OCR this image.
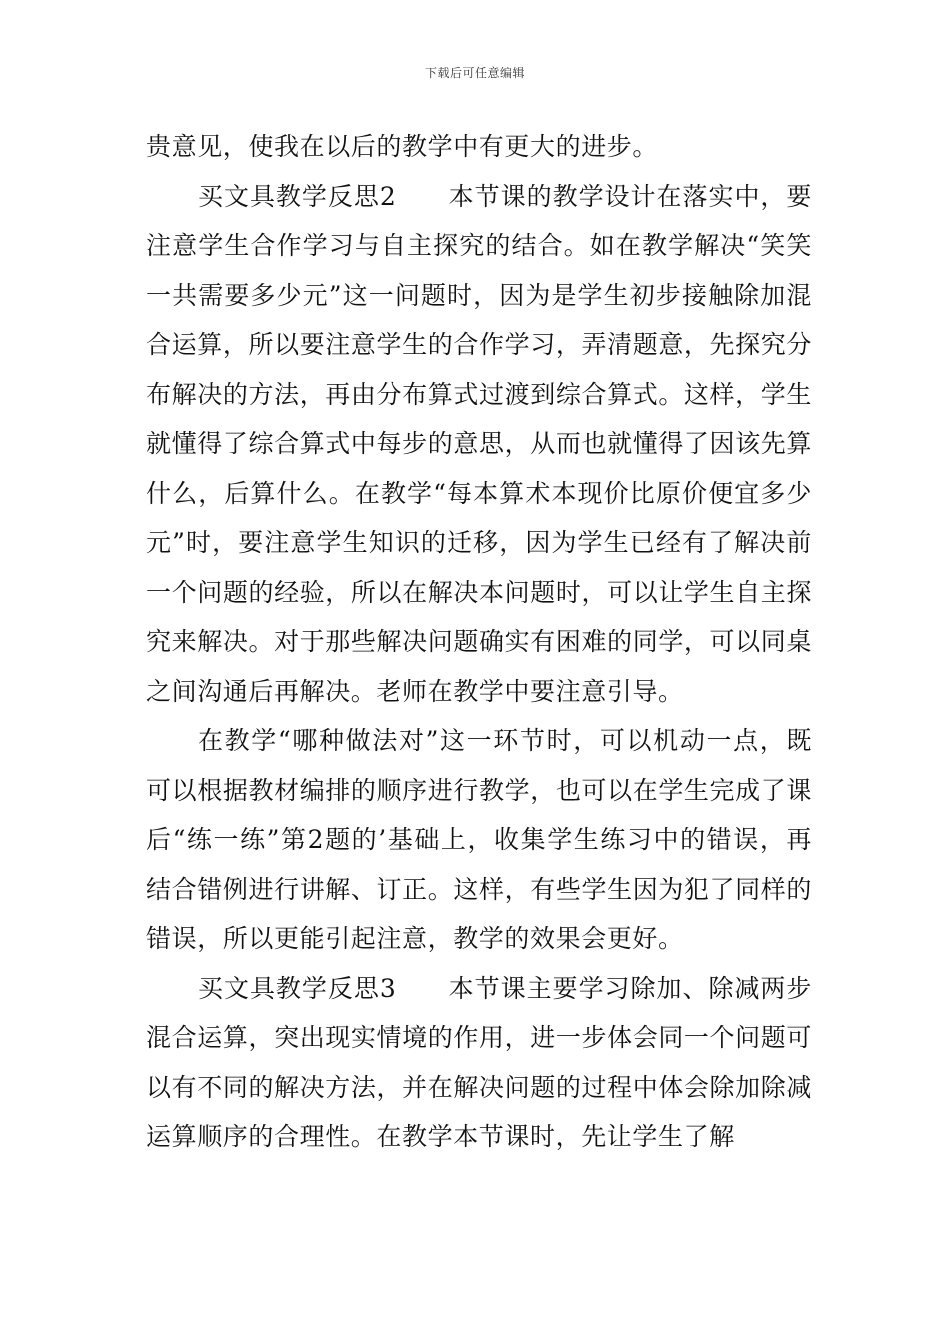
下载后可任意编辑

贵意见，使我在以后的教学中有更大的进步。

买文具教学反思2　　本节课的教学设计在落实中，要注意学生合作学习与自主探究的结合。如在教学解决“笑笑一共需要多少元”这一问题时，因为是学生初步接触除加混合运算，所以要注意学生的合作学习，弄清题意，先探究分布解决的方法，再由分布算式过渡到综合算式。这样，学生就懂得了综合算式中每步的意思，从而也就懂得了因该先算什么，后算什么。在教学“每本算术本现价比原价便宜多少元”时，要注意学生知识的迁移，因为学生已经有了解决前一个问题的经验，所以在解决本问题时，可以让学生自主探究来解决。对于那些解决问题确实有困难的同学，可以同桌之间沟通后再解决。老师在教学中要注意引导。

在教学“哪种做法对”这一环节时，可以机动一点，既可以根据教材编排的顺序进行教学，也可以在学生完成了课后“练一练”第2题的’基础上，收集学生练习中的错误，再结合错例进行讲解、订正。这样，有些学生因为犯了同样的错误，所以更能引起注意，教学的效果会更好。

买文具教学反思3　　本节课主要学习除加、除减两步混合运算，突出现实情境的作用，进一步体会同一个问题可以有不同的解决方法，并在解决问题的过程中体会除加除减运算顺序的合理性。在教学本节课时，先让学生了解
